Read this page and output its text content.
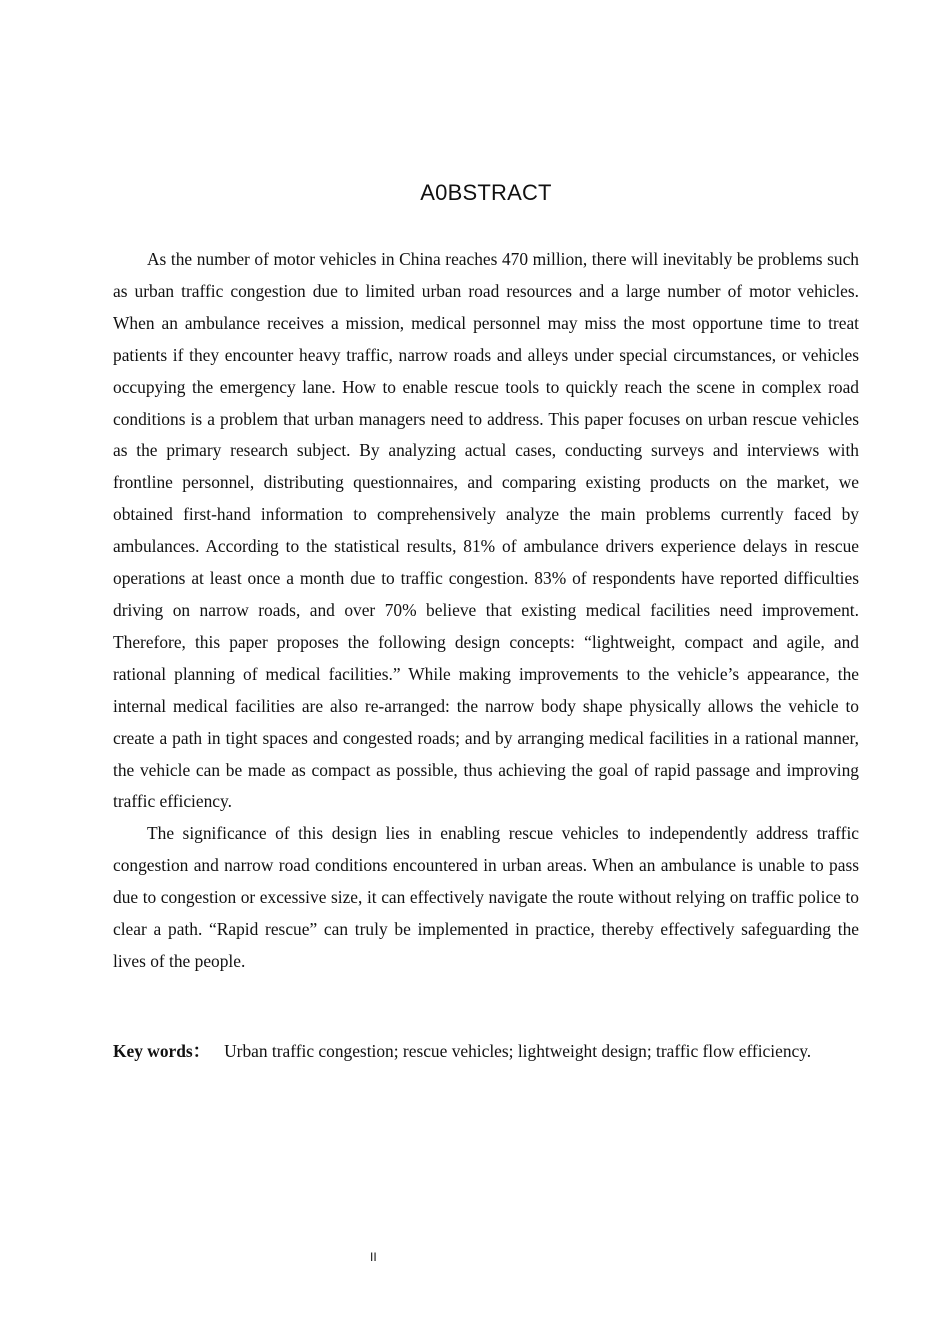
A0BSTRACT

As the number of motor vehicles in China reaches 470 million, there will inevitably be problems such as urban traffic congestion due to limited urban road resources and a large number of motor vehicles. When an ambulance receives a mission, medical personnel may miss the most opportune time to treat patients if they encounter heavy traffic, narrow roads and alleys under special circumstances, or vehicles occupying the emergency lane. How to enable rescue tools to quickly reach the scene in complex road conditions is a problem that urban managers need to address. This paper focuses on urban rescue vehicles as the primary research subject. By analyzing actual cases, conducting surveys and interviews with frontline personnel, distributing questionnaires, and comparing existing products on the market, we obtained first-hand information to comprehensively analyze the main problems currently faced by ambulances. According to the statistical results, 81% of ambulance drivers experience delays in rescue operations at least once a month due to traffic congestion. 83% of respondents have reported difficulties driving on narrow roads, and over 70% believe that existing medical facilities need improvement. Therefore, this paper proposes the following design concepts: “lightweight, compact and agile, and rational planning of medical facilities.” While making improvements to the vehicle’s appearance, the internal medical facilities are also re-arranged: the narrow body shape physically allows the vehicle to create a path in tight spaces and congested roads; and by arranging medical facilities in a rational manner, the vehicle can be made as compact as possible, thus achieving the goal of rapid passage and improving traffic efficiency.

The significance of this design lies in enabling rescue vehicles to independently address traffic congestion and narrow road conditions encountered in urban areas. When an ambulance is unable to pass due to congestion or excessive size, it can effectively navigate the route without relying on traffic police to clear a path. “Rapid rescue” can truly be implemented in practice, thereby effectively safeguarding the lives of the people.

Key words： Urban traffic congestion; rescue vehicles; lightweight design; traffic flow efficiency.

II
